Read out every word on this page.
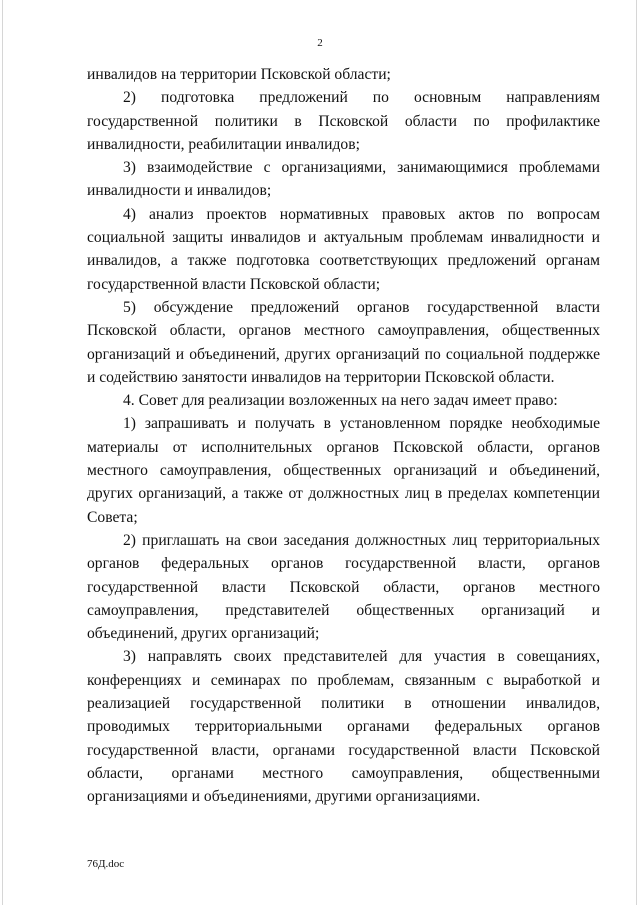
2

инвалидов на территории Псковской области;

2) подготовка предложений по основным направлениям государственной политики в Псковской области по профилактике инвалидности, реабилитации инвалидов;

3) взаимодействие с организациями, занимающимися проблемами инвалидности и инвалидов;

4) анализ проектов нормативных правовых актов по вопросам социальной защиты инвалидов и актуальным проблемам инвалидности и инвалидов, а также подготовка соответствующих предложений органам государственной власти Псковской области;

5) обсуждение предложений органов государственной власти Псковской области, органов местного самоуправления, общественных организаций и объединений, других организаций по социальной поддержке и содействию занятости инвалидов на территории Псковской области.

4. Совет для реализации возложенных на него задач имеет право:

1) запрашивать и получать в установленном порядке необходимые материалы от исполнительных органов Псковской области, органов местного самоуправления, общественных организаций и объединений, других организаций, а также от должностных лиц в пределах компетенции Совета;

2) приглашать на свои заседания должностных лиц территориальных органов федеральных органов государственной власти, органов государственной власти Псковской области, органов местного самоуправления, представителей общественных организаций и объединений, других организаций;

3) направлять своих представителей для участия в совещаниях, конференциях и семинарах по проблемам, связанным с выработкой и реализацией государственной политики в отношении инвалидов, проводимых территориальными органами федеральных органов государственной власти, органами государственной власти Псковской области, органами местного самоуправления, общественными организациями и объединениями, другими организациями.

76Д.doc
